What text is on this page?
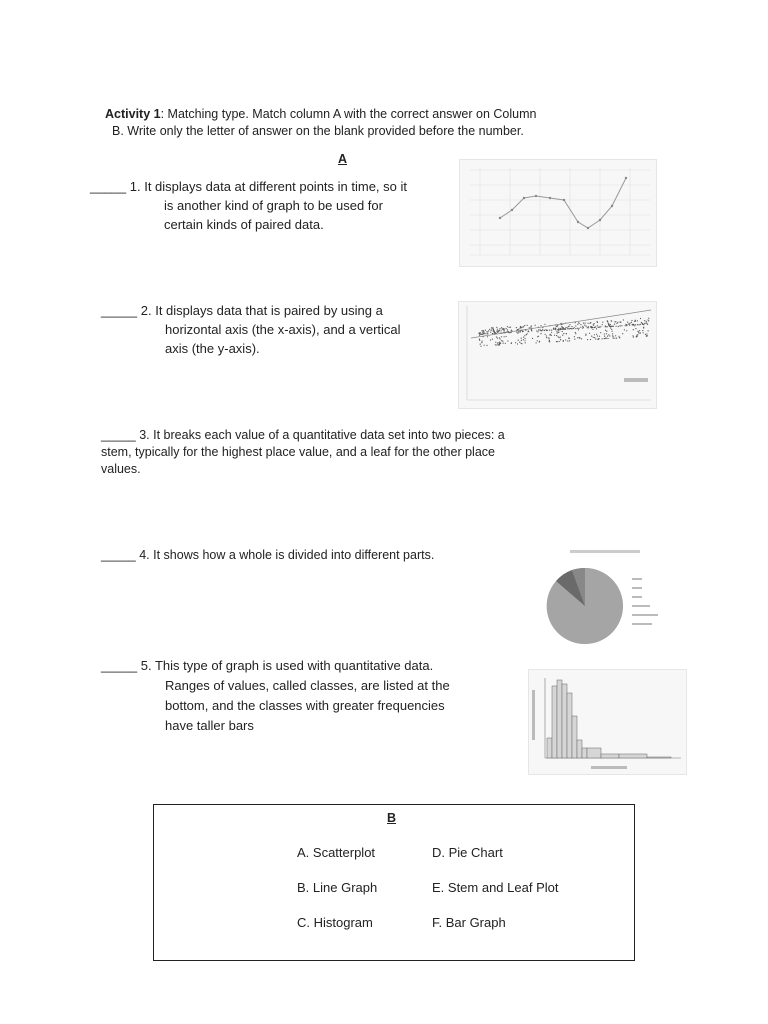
Activity 1: Matching type. Match column A with the correct answer on Column
B. Write only the letter of answer on the blank provided before the number.
A
_____ 1. It displays data at different points in time, so it
is another kind of graph to be used for
certain kinds of paired data.
_____ 2. It displays data that is paired by using a
horizontal axis (the x-axis), and a vertical
axis (the y-axis).
_____ 3. It breaks each value of a quantitative data set into two pieces: a
stem, typically for the highest place value, and a leaf for the other place
values.
_____ 4. It shows how a whole is divided into different parts.
_____ 5. This type of graph is used with quantitative data.
Ranges of values, called classes, are listed at the
bottom, and the classes with greater frequencies
have taller bars
B
A. Scatterplot	D. Pie Chart
B. Line Graph	E. Stem and Leaf Plot
C. Histogram	F. Bar Graph
